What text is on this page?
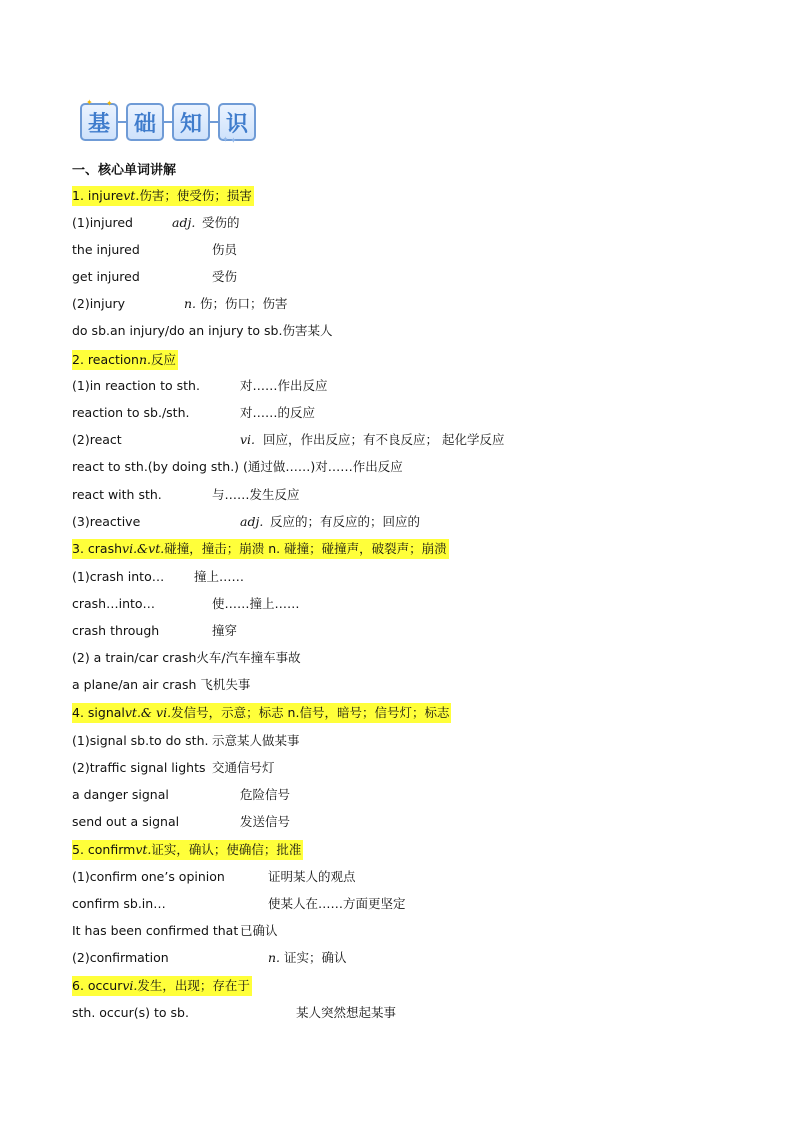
基
✦ ✦
础 知 识
✦ ✦
一、核心单词讲解
1. injurevt.伤害；使受伤；损害
(1)injured	adj. 受伤的
the injured	伤员
get injured	受伤
(2)injury	n. 伤；伤口；伤害
do sb.an injury/do an injury to sb.伤害某人
2. reactionn.反应
(1)in reaction to sth.	对……作出反应
reaction to sb./sth.	对……的反应
(2)react	vi. 回应，作出反应；有不良反应； 起化学反应
react to sth.(by doing sth.) (通过做……)对……作出反应
react with sth.	与……发生反应
(3)reactive	adj. 反应的；有反应的；回应的
3. crashvi.&vt.碰撞，撞击；崩溃 n. 碰撞；碰撞声，破裂声；崩溃
(1)crash into… 撞上……
crash…into…	使……撞上……
crash through	撞穿
(2) a train/car crash火车/汽车撞车事故
a plane/an air crash 飞机失事
4. signalvt.& vi.发信号，示意；标志 n.信号，暗号；信号灯；标志
(1)signal sb.to do sth. 示意某人做某事
(2)traffic signal lights 交通信号灯
a danger signal	危险信号
send out a signal	发送信号
5. confirmvt.证实，确认；使确信；批准
(1)confirm one’s opinion	证明某人的观点
confirm sb.in…	使某人在……方面更坚定
It has been confirmed that 已确认
(2)confirmation	n. 证实；确认
6. occurvi.发生，出现；存在于
sth. occur(s) to sb.	某人突然想起某事
